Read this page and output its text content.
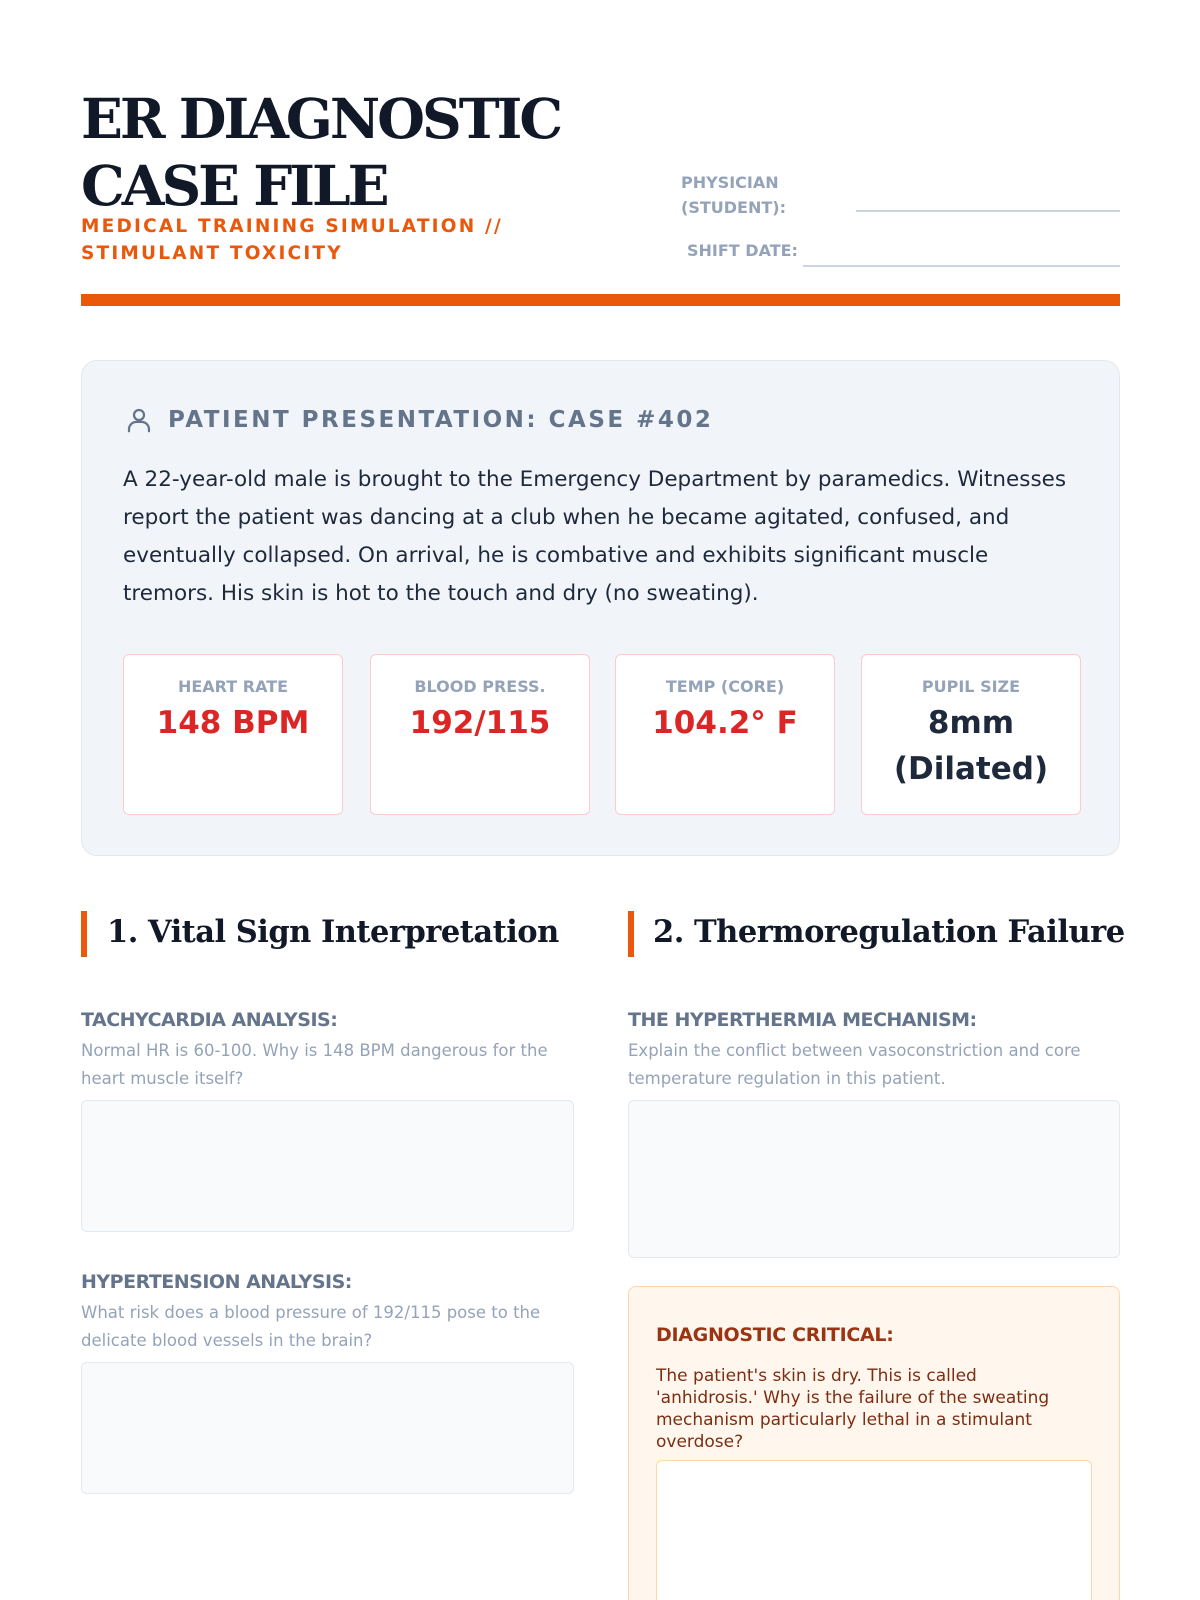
ER DIAGNOSTIC CASE FILE
MEDICAL TRAINING SIMULATION // STIMULANT TOXICITY
PHYSICIAN (STUDENT):
SHIFT DATE:
PATIENT PRESENTATION: CASE #402

A 22-year-old male is brought to the Emergency Department by paramedics. Witnesses report the patient was dancing at a club when he became agitated, confused, and eventually collapsed. On arrival, he is combative and exhibits significant muscle tremors. His skin is hot to the touch and dry (no sweating).

HEART RATE
148 BPM
BLOOD PRESS.
192/115
TEMP (CORE)
104.2° F
PUPIL SIZE
8mm (Dilated)
1. Vital Sign Interpretation
TACHYCARDIA ANALYSIS:
Normal HR is 60-100. Why is 148 BPM dangerous for the heart muscle itself?
HYPERTENSION ANALYSIS:
What risk does a blood pressure of 192/115 pose to the delicate blood vessels in the brain?
2. Thermoregulation Failure
THE HYPERTHERMIA MECHANISM:
Explain the conflict between vasoconstriction and core temperature regulation in this patient.
DIAGNOSTIC CRITICAL:
The patient's skin is dry. This is called 'anhidrosis.' Why is the failure of the sweating mechanism particularly lethal in a stimulant overdose?
